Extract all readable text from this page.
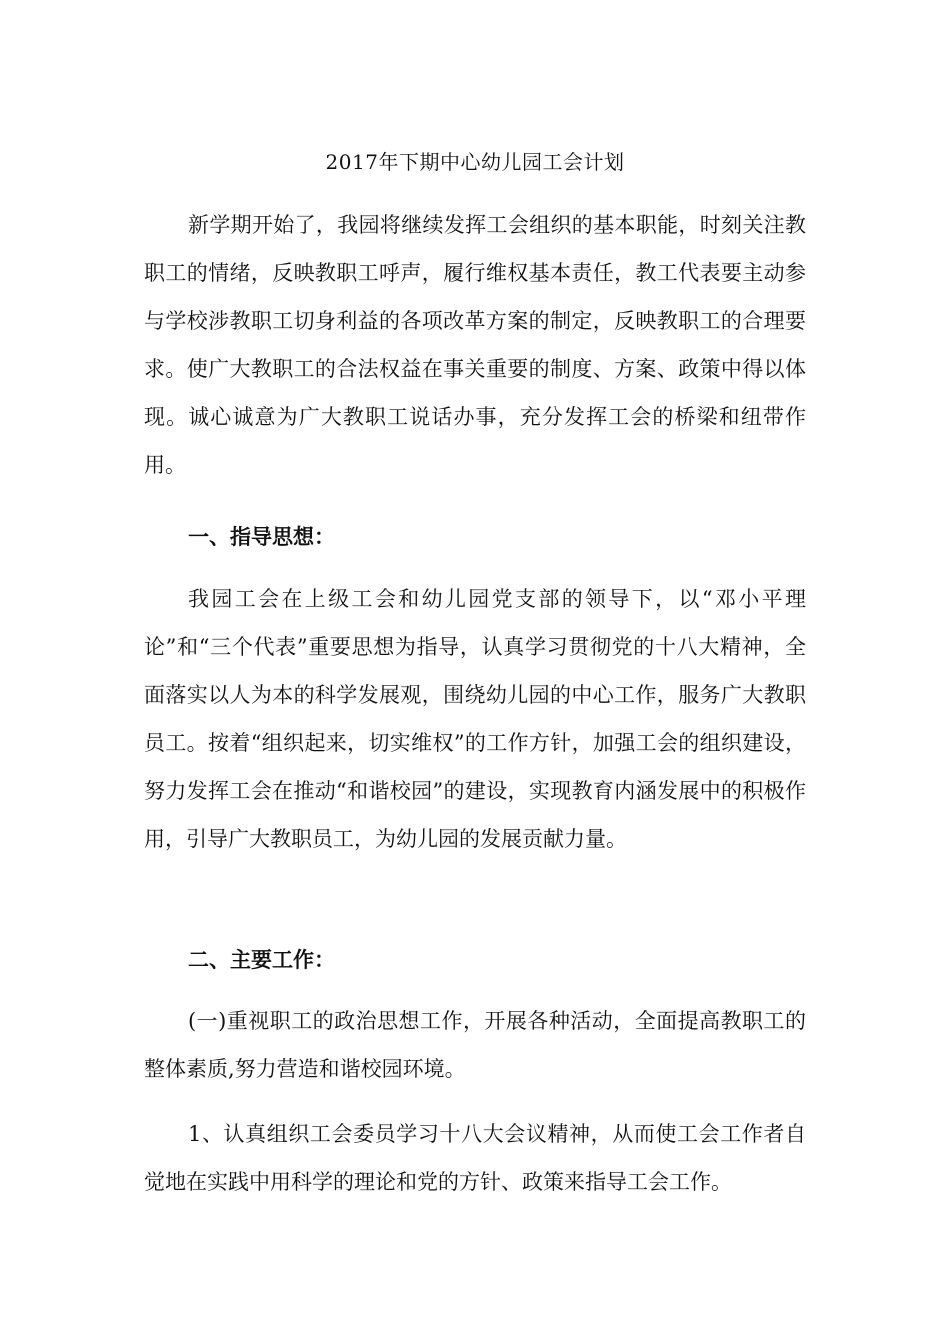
2017年下期中心幼儿园工会计划
新学期开始了，我园将继续发挥工会组织的基本职能，时刻关注教职工的情绪，反映教职工呼声，履行维权基本责任，教工代表要主动参与学校涉教职工切身利益的各项改革方案的制定，反映教职工的合理要求。使广大教职工的合法权益在事关重要的制度、方案、政策中得以体现。诚心诚意为广大教职工说话办事，充分发挥工会的桥梁和纽带作用。
一、指导思想：
我园工会在上级工会和幼儿园党支部的领导下，以“邓小平理论”和“三个代表”重要思想为指导，认真学习贯彻党的十八大精神，全面落实以人为本的科学发展观，围绕幼儿园的中心工作，服务广大教职员工。按着“组织起来，切实维权”的工作方针，加强工会的组织建设，努力发挥工会在推动“和谐校园”的建设，实现教育内涵发展中的积极作用，引导广大教职员工，为幼儿园的发展贡献力量。
二、主要工作：
(一)重视职工的政治思想工作，开展各种活动，全面提高教职工的整体素质,努力营造和谐校园环境。
1、认真组织工会委员学习十八大会议精神，从而使工会工作者自觉地在实践中用科学的理论和党的方针、政策来指导工会工作。
